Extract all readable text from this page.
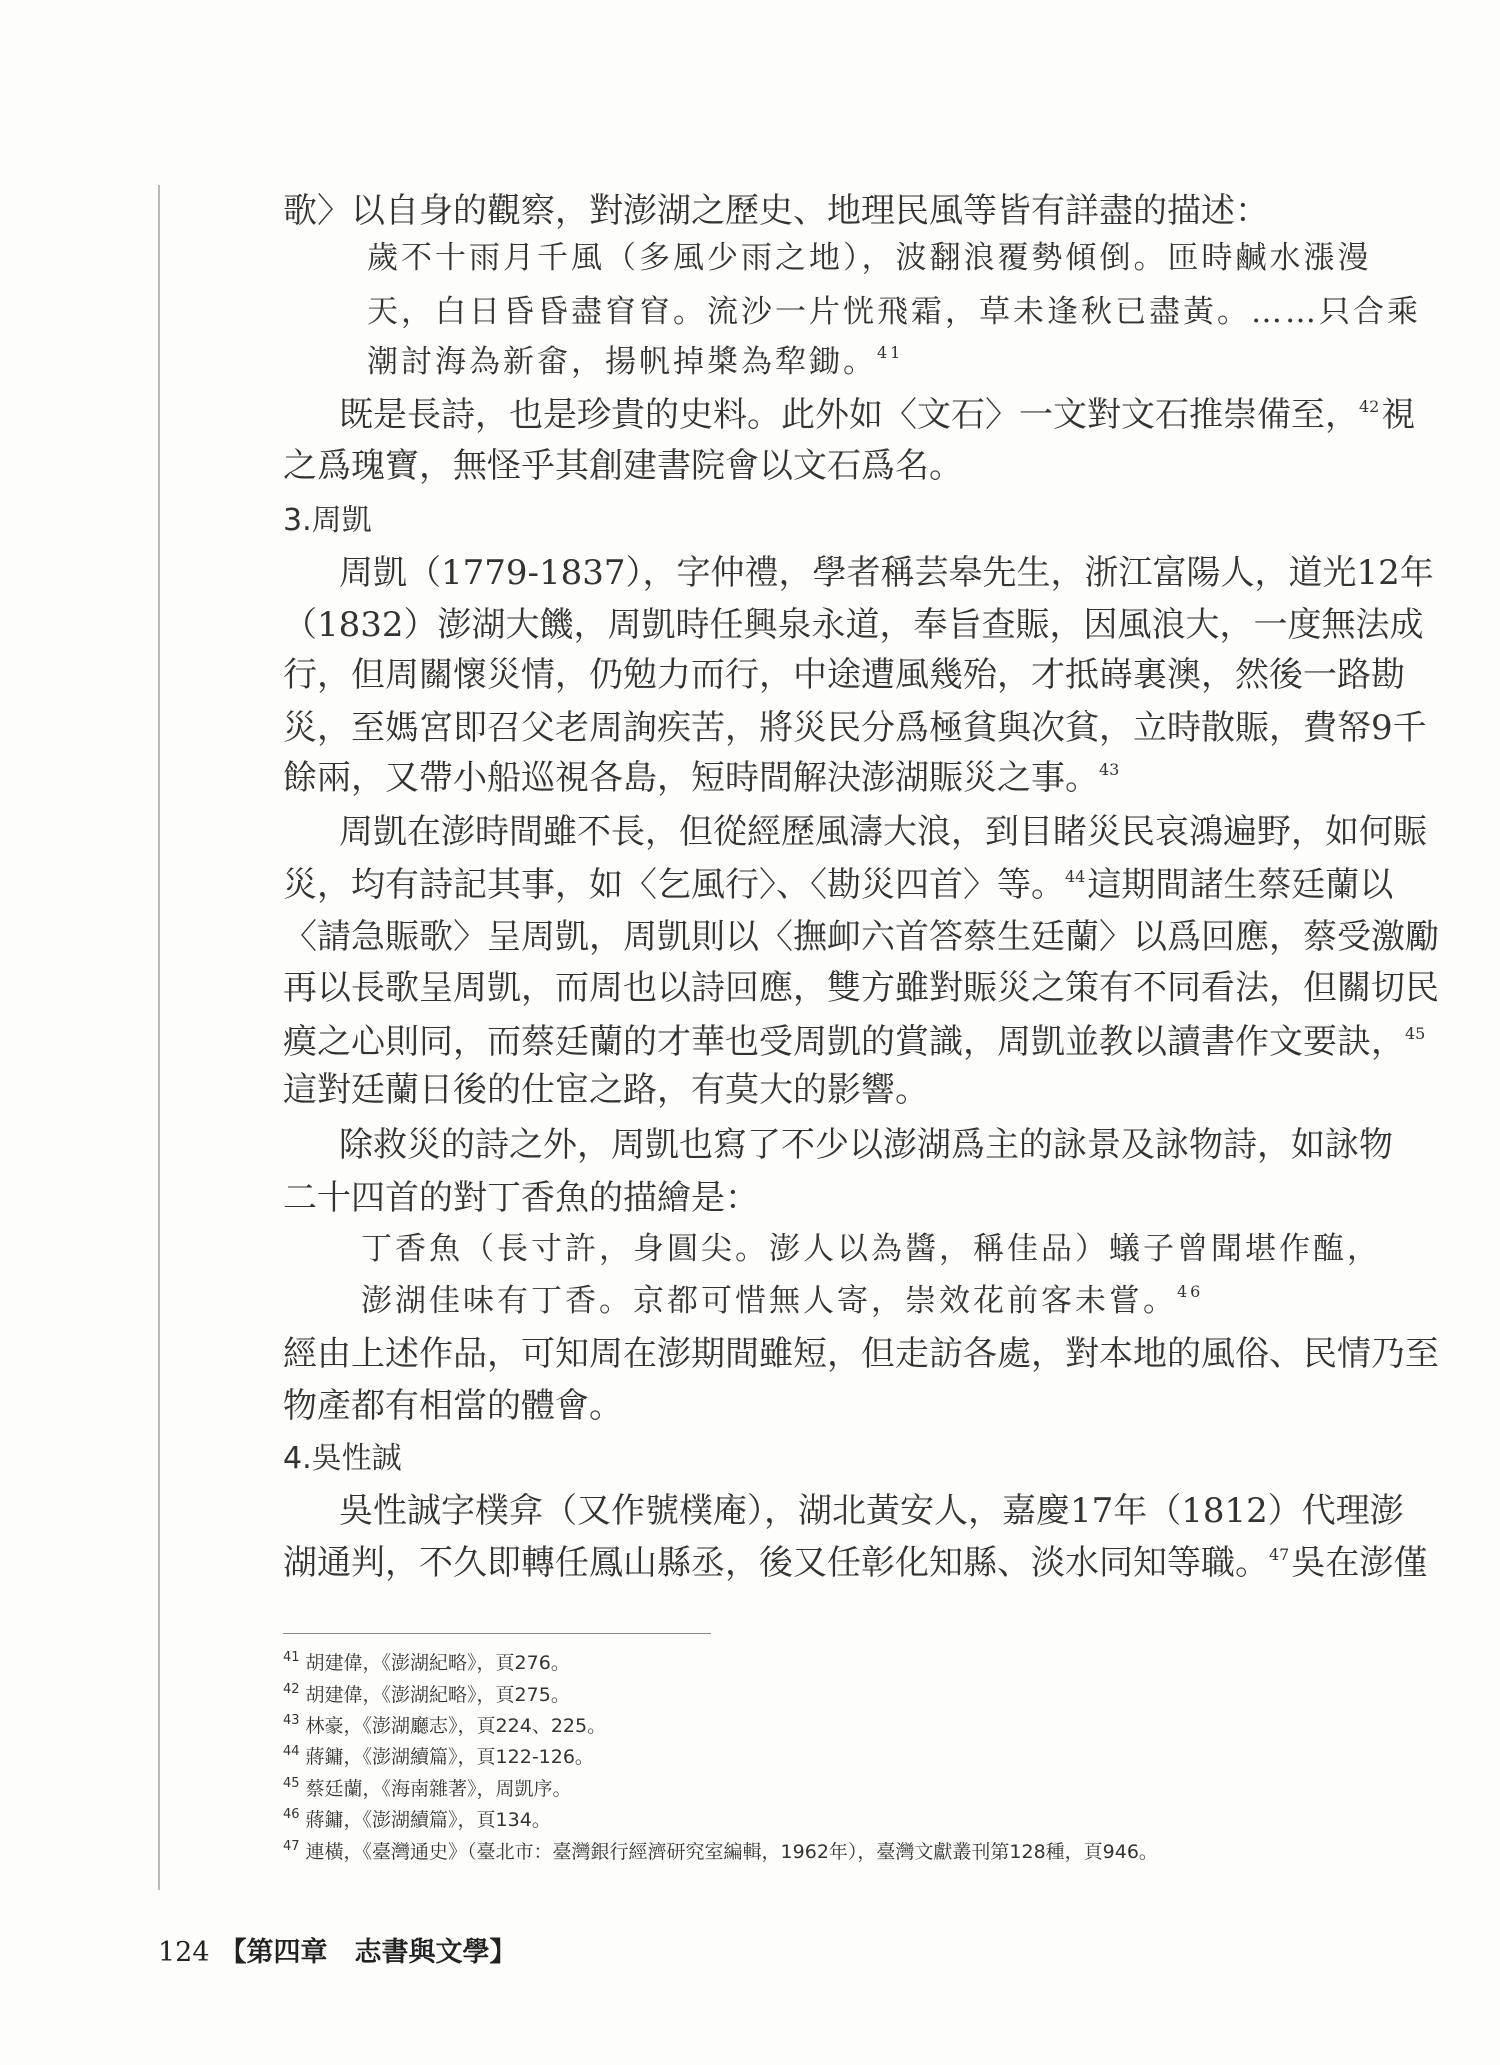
歌〉以自身的觀察，對澎湖之歷史、地理民風等皆有詳盡的描述：
歲不十雨月千風（多風少雨之地），波翻浪覆勢傾倒。匝時鹹水漲漫
天，白日昏昏盡窅窅。流沙一片恍飛霜，草未逢秋已盡黃。……只合乘
潮討海為新畲，揚帆掉槳為犂鋤。$^{41}$
既是長詩，也是珍貴的史料。此外如〈文石〉一文對文石推崇備至，$^{42}$視
之爲瑰寶，無怪乎其創建書院會以文石爲名。
3.周凱
周凱（1779-1837），字仲禮，學者稱芸皋先生，浙江富陽人，道光12年
（1832）澎湖大饑，周凱時任興泉永道，奉旨查賑，因風浪大，一度無法成
行，但周關懷災情，仍勉力而行，中途遭風幾殆，才抵嵵裏澳，然後一路勘
災，至媽宮即召父老周詢疾苦，將災民分爲極貧與次貧，立時散賑，費帑9千
餘兩，又帶小船巡視各島，短時間解決澎湖賑災之事。$^{43}$
周凱在澎時間雖不長，但從經歷風濤大浪，到目睹災民哀鴻遍野，如何賑
災，均有詩記其事，如〈乞風行〉、〈勘災四首〉等。$^{44}$這期間諸生蔡廷蘭以
〈請急賑歌〉呈周凱，周凱則以〈撫卹六首答蔡生廷蘭〉以爲回應，蔡受激勵
再以長歌呈周凱，而周也以詩回應，雙方雖對賑災之策有不同看法，但關切民
瘼之心則同，而蔡廷蘭的才華也受周凱的賞識，周凱並教以讀書作文要訣，$^{45}$
這對廷蘭日後的仕宦之路，有莫大的影響。
除救災的詩之外，周凱也寫了不少以澎湖爲主的詠景及詠物詩，如詠物
二十四首的對丁香魚的描繪是：
丁香魚（長寸許，身圓尖。澎人以為醬，稱佳品）蟻子曾聞堪作醢，
澎湖佳味有丁香。京都可惜無人寄，崇效花前客未嘗。$^{46}$
經由上述作品，可知周在澎期間雖短，但走訪各處，對本地的風俗、民情乃至
物產都有相當的體會。
4.吳性誠
吳性誠字樸弇（又作號樸庵），湖北黃安人，嘉慶17年（1812）代理澎
湖通判，不久即轉任鳳山縣丞，後又任彰化知縣、淡水同知等職。$^{47}$吳在澎僅
$^{41}$ 胡建偉，《澎湖紀略》，頁276。
$^{42}$ 胡建偉，《澎湖紀略》，頁275。
$^{43}$ 林豪，《澎湖廳志》，頁224、225。
$^{44}$ 蔣鏞，《澎湖續篇》，頁122-126。
$^{45}$ 蔡廷蘭，《海南雜著》，周凱序。
$^{46}$ 蔣鏞，《澎湖續篇》，頁134。
$^{47}$ 連橫，《臺灣通史》（臺北市：臺灣銀行經濟研究室編輯，1962年），臺灣文獻叢刊第128種，頁946。
124 【第四章　志書與文學】
